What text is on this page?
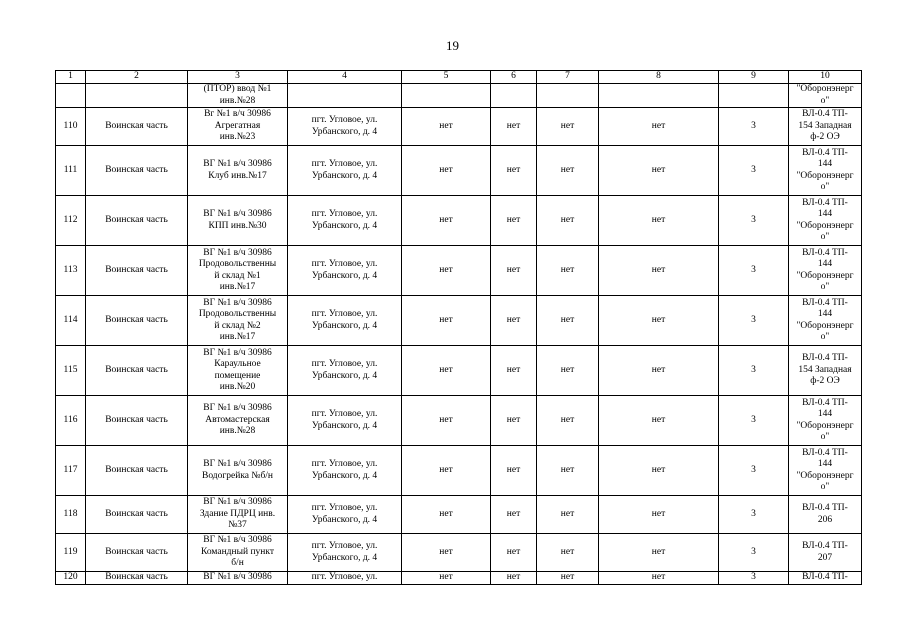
19
1	2	3	4	5	6	7	8	9	10
		(ПТОР) ввод №1
инв.№28							"Оборонэнерг
о"
110	Воинская часть	Вг №1 в/ч 30986
Агрегатная
инв.№23	пгт. Угловое, ул.
Урбанского, д. 4	нет	нет	нет	нет	3	ВЛ-0.4 ТП-
154 Западная
ф-2 ОЭ
111	Воинская часть	ВГ №1 в/ч 30986
Клуб инв.№17	пгт. Угловое, ул.
Урбанского, д. 4	нет	нет	нет	нет	3	ВЛ-0.4 ТП-
144
"Оборонэнерг
о"
112	Воинская часть	ВГ №1 в/ч 30986
КПП инв.№30	пгт. Угловое, ул.
Урбанского, д. 4	нет	нет	нет	нет	3	ВЛ-0.4 ТП-
144
"Оборонэнерг
о"
113	Воинская часть	ВГ №1 в/ч 30986
Продовольственны
й склад №1
инв.№17	пгт. Угловое, ул.
Урбанского, д. 4	нет	нет	нет	нет	3	ВЛ-0.4 ТП-
144
"Оборонэнерг
о"
114	Воинская часть	ВГ №1 в/ч 30986
Продовольственны
й склад №2
инв.№17	пгт. Угловое, ул.
Урбанского, д. 4	нет	нет	нет	нет	3	ВЛ-0.4 ТП-
144
"Оборонэнерг
о"
115	Воинская часть	ВГ №1 в/ч 30986
Караульное
помещение
инв.№20	пгт. Угловое, ул.
Урбанского, д. 4	нет	нет	нет	нет	3	ВЛ-0.4 ТП-
154 Западная
ф-2 ОЭ
116	Воинская часть	ВГ №1 в/ч 30986
Автомастерская
инв.№28	пгт. Угловое, ул.
Урбанского, д. 4	нет	нет	нет	нет	3	ВЛ-0.4 ТП-
144
"Оборонэнерг
о"
117	Воинская часть	ВГ №1 в/ч 30986
Водогрейка №б/н	пгт. Угловое, ул.
Урбанского, д. 4	нет	нет	нет	нет	3	ВЛ-0.4 ТП-
144
"Оборонэнерг
о"
118	Воинская часть	ВГ №1 в/ч 30986
Здание ПДРЦ инв.
№37	пгт. Угловое, ул.
Урбанского, д. 4	нет	нет	нет	нет	3	ВЛ-0.4 ТП-
206
119	Воинская часть	ВГ №1 в/ч 30986
Командный пункт
б/н	пгт. Угловое, ул.
Урбанского, д. 4	нет	нет	нет	нет	3	ВЛ-0.4 ТП-
207
120	Воинская часть	ВГ №1 в/ч 30986	пгт. Угловое, ул.	нет	нет	нет	нет	3	ВЛ-0.4 ТП-
